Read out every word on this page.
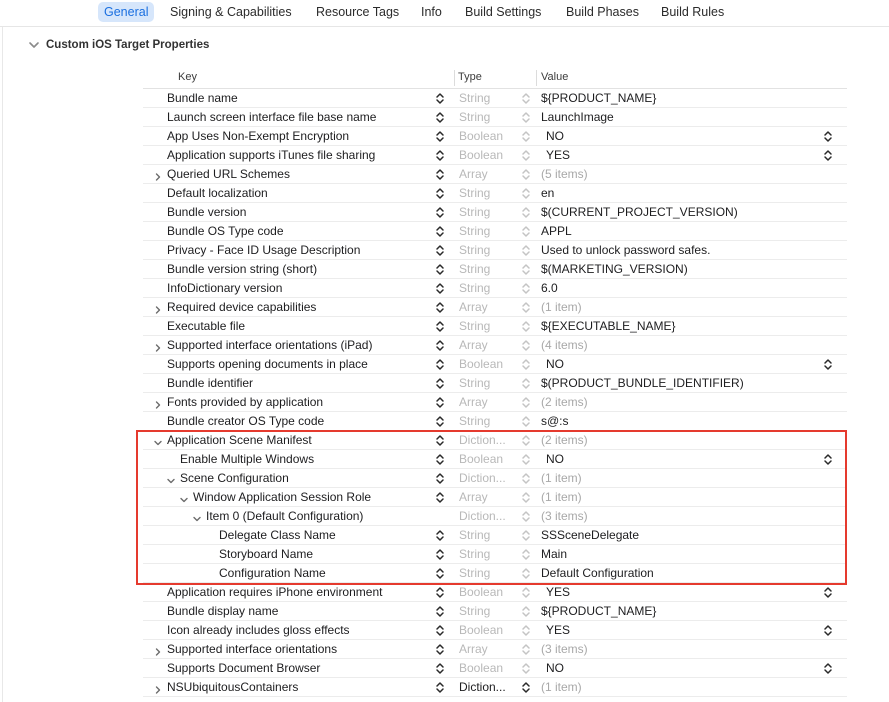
General	Signing & Capabilities	Resource Tags	Info	Build Settings	Build Phases	Build Rules
Custom iOS Target Properties
Key	Type	Value
Bundle name	String	${PRODUCT_NAME}
Launch screen interface file base name	String	LaunchImage
App Uses Non-Exempt Encryption	Boolean	NO
Application supports iTunes file sharing	Boolean	YES
Queried URL Schemes	Array	(5 items)
Default localization	String	en
Bundle version	String	$(CURRENT_PROJECT_VERSION)
Bundle OS Type code	String	APPL
Privacy - Face ID Usage Description	String	Used to unlock password safes.
Bundle version string (short)	String	$(MARKETING_VERSION)
InfoDictionary version	String	6.0
Required device capabilities	Array	(1 item)
Executable file	String	${EXECUTABLE_NAME}
Supported interface orientations (iPad)	Array	(4 items)
Supports opening documents in place	Boolean	NO
Bundle identifier	String	$(PRODUCT_BUNDLE_IDENTIFIER)
Fonts provided by application	Array	(2 items)
Bundle creator OS Type code	String	s@:s
Application Scene Manifest	Diction...	(2 items)
Enable Multiple Windows	Boolean	NO
Scene Configuration	Diction...	(1 item)
Window Application Session Role	Array	(1 item)
Item 0 (Default Configuration)	Diction...	(3 items)
Delegate Class Name	String	SSSceneDelegate
Storyboard Name	String	Main
Configuration Name	String	Default Configuration
Application requires iPhone environment	Boolean	YES
Bundle display name	String	${PRODUCT_NAME}
Icon already includes gloss effects	Boolean	YES
Supported interface orientations	Array	(3 items)
Supports Document Browser	Boolean	NO
NSUbiquitousContainers	Diction...	(1 item)
